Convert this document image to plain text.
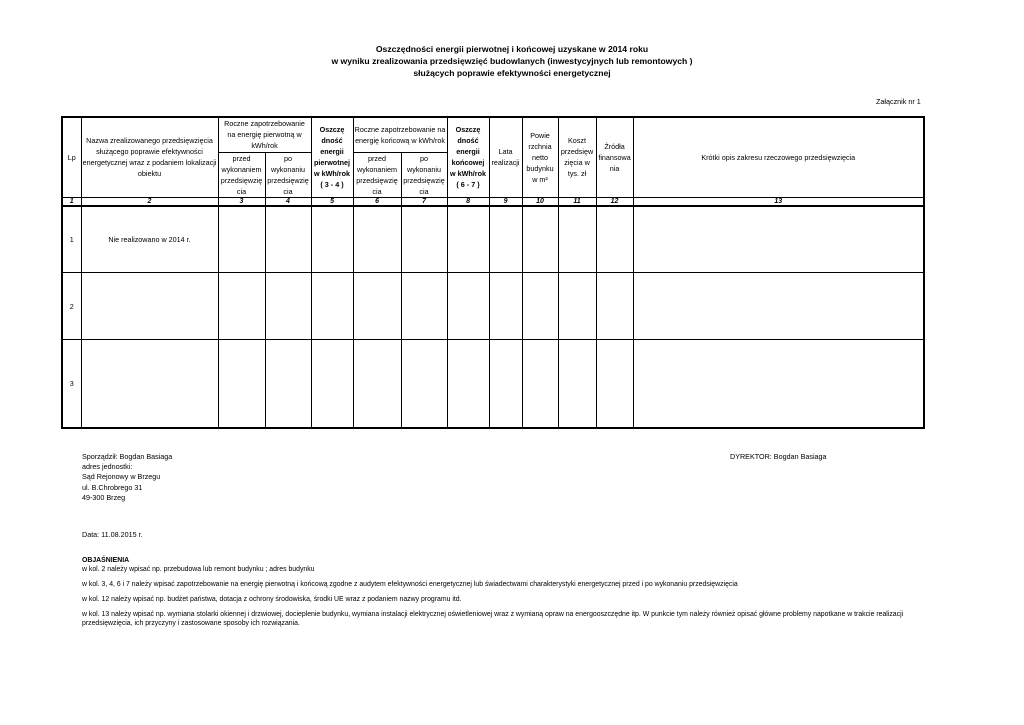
Oszczędności energii pierwotnej i końcowej uzyskane w 2014 roku
w wyniku zrealizowania przedsięwzięć budowlanych (inwestycyjnych lub remontowych )
służących poprawie efektywności energetycznej
Załącznik nr 1
Lp	Nazwa zrealizowanego przedsięwzięcia służącego poprawie efektywności energetycznej wraz z podaniem lokalizacji obiektu	Roczne zapotrzebowanie na energię pierwotną w kWh/rok		Oszczę dność energii pierwotnej w kWh/rok ( 3 - 4 )	Roczne zapotrzebowanie na energię końcową w kWh/rok		Oszczę dność energii końcowej w kWh/rok ( 6 - 7 )	Lata realizacji	Powie rzchnia netto budynku w m²	Koszt przedsięw zięcia w tys. zł	Źródła finansowa nia	Krótki opis zakresu rzeczowego przedsięwzięcia
		przed wykonaniem przedsięwzię cia	po wykonaniu przedsięwzię cia		przed wykonaniem przedsięwzię cia	po wykonaniu przedsięwzię cia						
1	2	3	4	5	6	7	8	9	10	11	12	13
1	Nie realizowano w 2014 r.											
2												
3												
Sporządził: Bogdan Basiaga
adres jednostki:
Sąd Rejonowy w Brzegu
ul. B.Chrobrego 31
49-300 Brzeg
DYREKTOR: Bogdan Basiaga
Data: 11.08.2015 r.
OBJAŚNIENIA
w kol. 2 należy wpisać np. przebudowa lub remont budynku ; adres budynku
w kol. 3, 4, 6 i 7 należy wpisać zapotrzebowanie na energię pierwotną i końcową zgodne z audytem efektywności energetycznej lub świadectwami charakterystyki energetycznej przed i po wykonaniu przedsięwzięcia
w kol. 12 należy wpisać np. budżet państwa, dotacja z ochrony środowiska, środki UE wraz z podaniem nazwy programu itd.
w kol. 13 należy wpisać np. wymiana stolarki okiennej i drzwiowej, docieplenie budynku, wymiana instalacji elektrycznej oświetleniowej wraz z wymianą opraw na energooszczędne itp. W punkcie tym należy również opisać główne problemy napotkane w trakcie realizacji przedsięwzięcia, ich przyczyny i zastosowane sposoby ich rozwiązania.
